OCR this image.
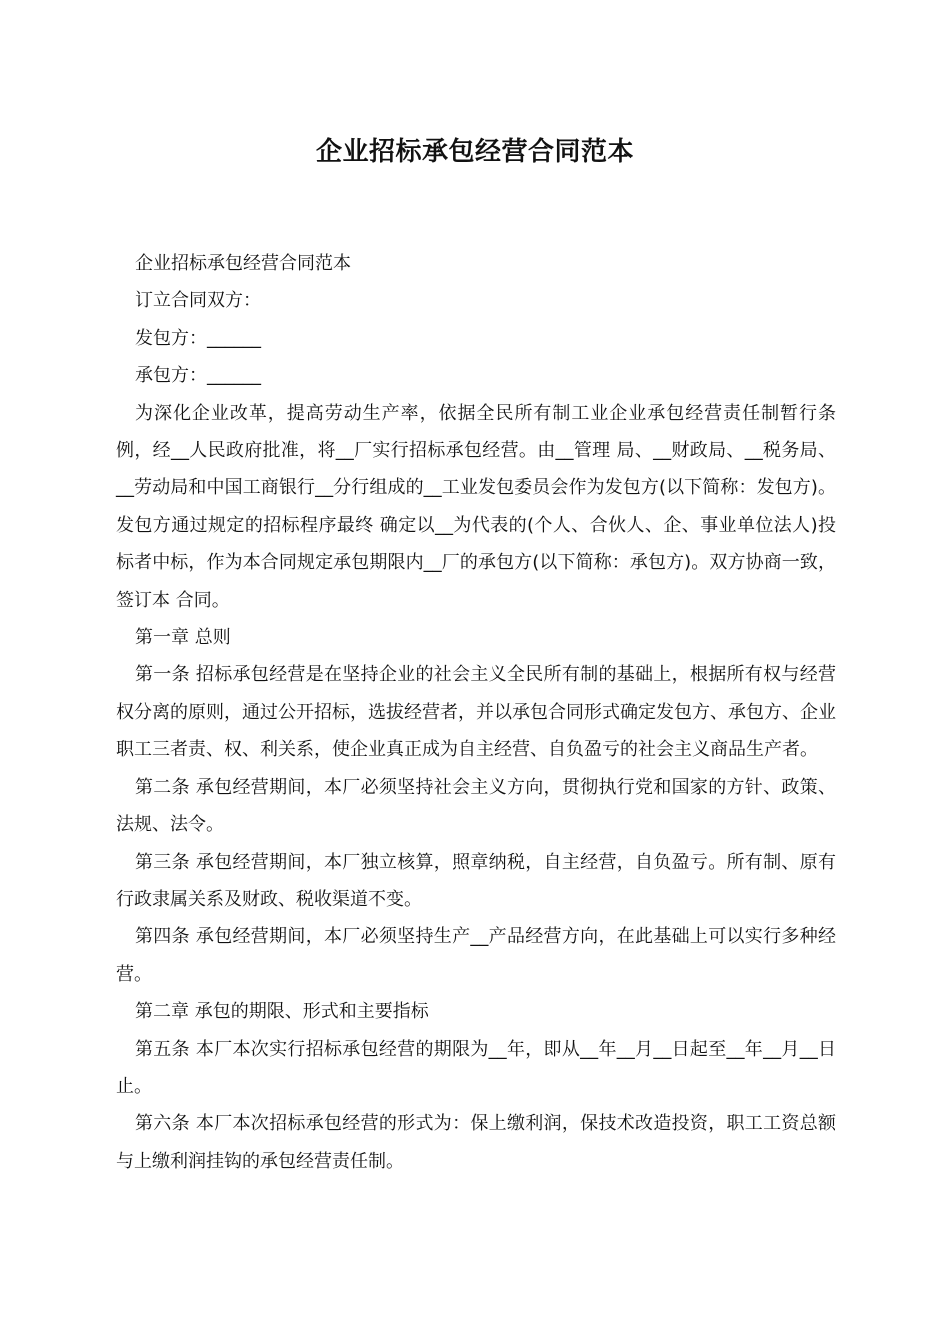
企业招标承包经营合同范本

企业招标承包经营合同范本

订立合同双方：

发包方：______

承包方：______

为深化企业改革，提高劳动生产率，依据全民所有制工业企业承包经营责任制暂行条例，经__人民政府批准，将__厂实行招标承包经营。由__管理 局、__财政局、__税务局、__劳动局和中国工商银行__分行组成的__工业发包委员会作为发包方(以下简称：发包方)。发包方通过规定的招标程序最终 确定以__为代表的(个人、合伙人、企、事业单位法人)投标者中标，作为本合同规定承包期限内__厂的承包方(以下简称：承包方)。双方协商一致，签订本 合同。

第一章 总则

第一条 招标承包经营是在坚持企业的社会主义全民所有制的基础上，根据所有权与经营权分离的原则，通过公开招标，选拔经营者，并以承包合同形式确定发包方、承包方、企业职工三者责、权、利关系，使企业真正成为自主经营、自负盈亏的社会主义商品生产者。

第二条 承包经营期间，本厂必须坚持社会主义方向，贯彻执行党和国家的方针、政策、法规、法令。

第三条 承包经营期间，本厂独立核算，照章纳税，自主经营，自负盈亏。所有制、原有行政隶属关系及财政、税收渠道不变。

第四条 承包经营期间，本厂必须坚持生产__产品经营方向，在此基础上可以实行多种经营。

第二章 承包的期限、形式和主要指标

第五条 本厂本次实行招标承包经营的期限为__年，即从__年__月__日起至__年__月__日止。

第六条 本厂本次招标承包经营的形式为：保上缴利润，保技术改造投资，职工工资总额与上缴利润挂钩的承包经营责任制。
